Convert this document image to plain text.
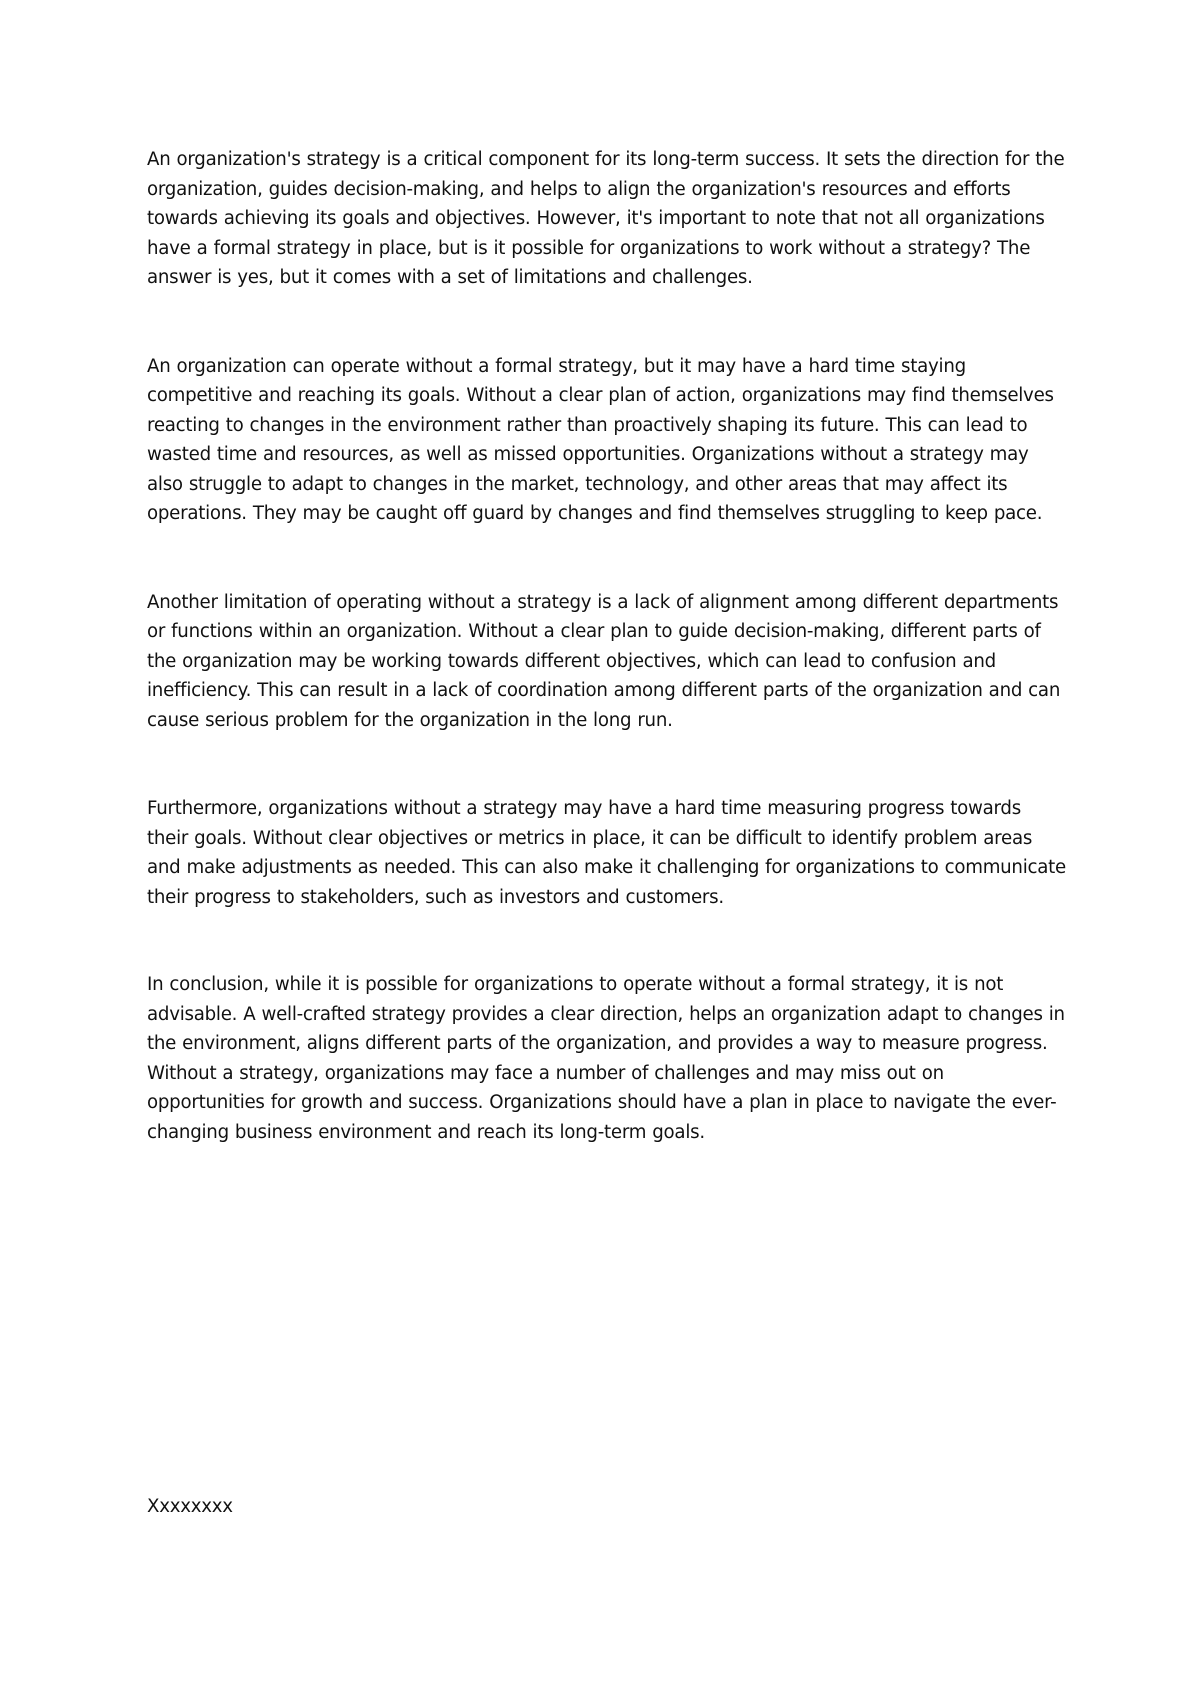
An organization's strategy is a critical component for its long-term success. It sets the direction for the organization, guides decision-making, and helps to align the organization's resources and efforts towards achieving its goals and objectives. However, it's important to note that not all organizations have a formal strategy in place, but is it possible for organizations to work without a strategy? The answer is yes, but it comes with a set of limitations and challenges.

An organization can operate without a formal strategy, but it may have a hard time staying competitive and reaching its goals. Without a clear plan of action, organizations may find themselves reacting to changes in the environment rather than proactively shaping its future. This can lead to wasted time and resources, as well as missed opportunities. Organizations without a strategy may also struggle to adapt to changes in the market, technology, and other areas that may affect its operations. They may be caught off guard by changes and find themselves struggling to keep pace.

Another limitation of operating without a strategy is a lack of alignment among different departments or functions within an organization. Without a clear plan to guide decision-making, different parts of the organization may be working towards different objectives, which can lead to confusion and inefficiency. This can result in a lack of coordination among different parts of the organization and can cause serious problem for the organization in the long run.

Furthermore, organizations without a strategy may have a hard time measuring progress towards their goals. Without clear objectives or metrics in place, it can be difficult to identify problem areas and make adjustments as needed. This can also make it challenging for organizations to communicate their progress to stakeholders, such as investors and customers.

In conclusion, while it is possible for organizations to operate without a formal strategy, it is not advisable. A well-crafted strategy provides a clear direction, helps an organization adapt to changes in the environment, aligns different parts of the organization, and provides a way to measure progress. Without a strategy, organizations may face a number of challenges and may miss out on opportunities for growth and success. Organizations should have a plan in place to navigate the ever-changing business environment and reach its long-term goals.

Xxxxxxxx
